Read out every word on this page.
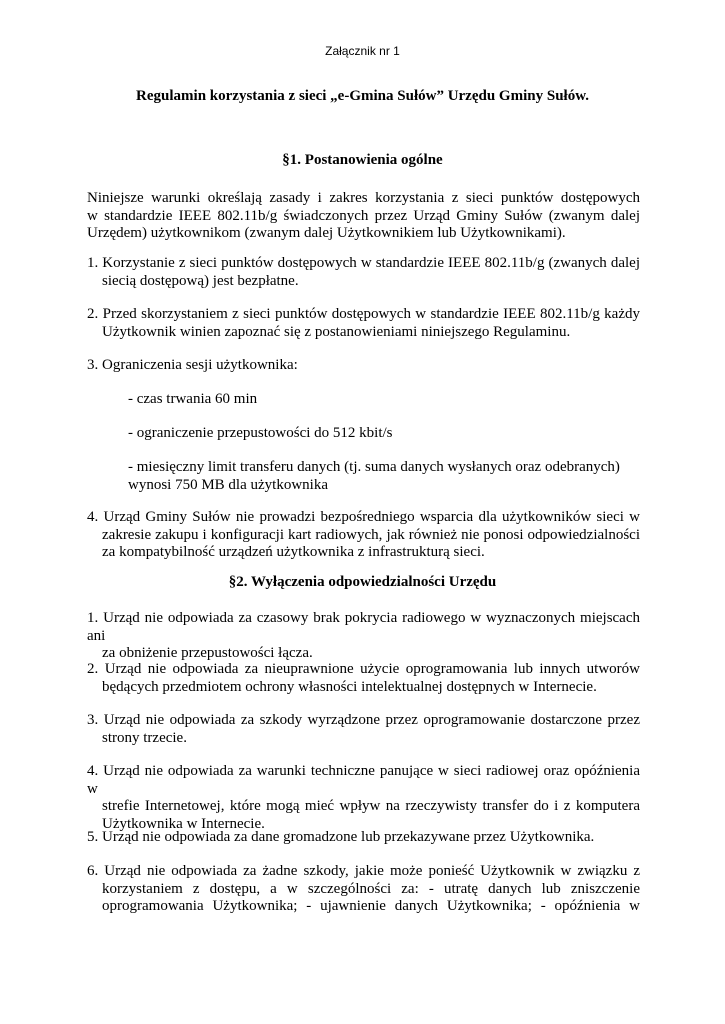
Załącznik nr 1
Regulamin korzystania z sieci „e-Gmina Sułów” Urzędu Gminy Sułów.
§1. Postanowienia ogólne
Niniejsze warunki określają zasady i zakres korzystania z sieci punktów dostępowych
w standardzie IEEE 802.11b/g świadczonych przez Urząd Gminy Sułów (zwanym dalej
Urzędem) użytkownikom (zwanym dalej Użytkownikiem lub Użytkownikami).
1. Korzystanie z sieci punktów dostępowych w standardzie IEEE 802.11b/g (zwanych dalej
siecią dostępową) jest bezpłatne.
2. Przed skorzystaniem z sieci punktów dostępowych w standardzie IEEE 802.11b/g każdy
Użytkownik winien zapoznać się z postanowieniami niniejszego Regulaminu.
3. Ograniczenia sesji użytkownika:
- czas trwania 60 min
- ograniczenie przepustowości do 512 kbit/s
- miesięczny limit transferu danych (tj. suma danych wysłanych oraz odebranych)
wynosi 750 MB dla użytkownika
4. Urząd Gminy Sułów nie prowadzi bezpośredniego wsparcia dla użytkowników sieci w
zakresie zakupu i konfiguracji kart radiowych, jak również nie ponosi odpowiedzialności
za kompatybilność urządzeń użytkownika z infrastrukturą sieci.
§2. Wyłączenia odpowiedzialności Urzędu
1. Urząd nie odpowiada za czasowy brak pokrycia radiowego w wyznaczonych miejscach ani
za obniżenie przepustowości łącza.
2. Urząd nie odpowiada za nieuprawnione użycie oprogramowania lub innych utworów
będących przedmiotem ochrony własności intelektualnej dostępnych w Internecie.
3. Urząd nie odpowiada za szkody wyrządzone przez oprogramowanie dostarczone przez
strony trzecie.
4. Urząd nie odpowiada za warunki techniczne panujące w sieci radiowej oraz opóźnienia w
strefie Internetowej, które mogą mieć wpływ na rzeczywisty transfer do i z komputera
Użytkownika w Internecie.
5. Urząd nie odpowiada za dane gromadzone lub przekazywane przez Użytkownika.
6. Urząd nie odpowiada za żadne szkody, jakie może ponieść Użytkownik w związku z
korzystaniem z dostępu, a w szczególności za: - utratę danych lub zniszczenie
oprogramowania Użytkownika; - ujawnienie danych Użytkownika; - opóźnienia w
